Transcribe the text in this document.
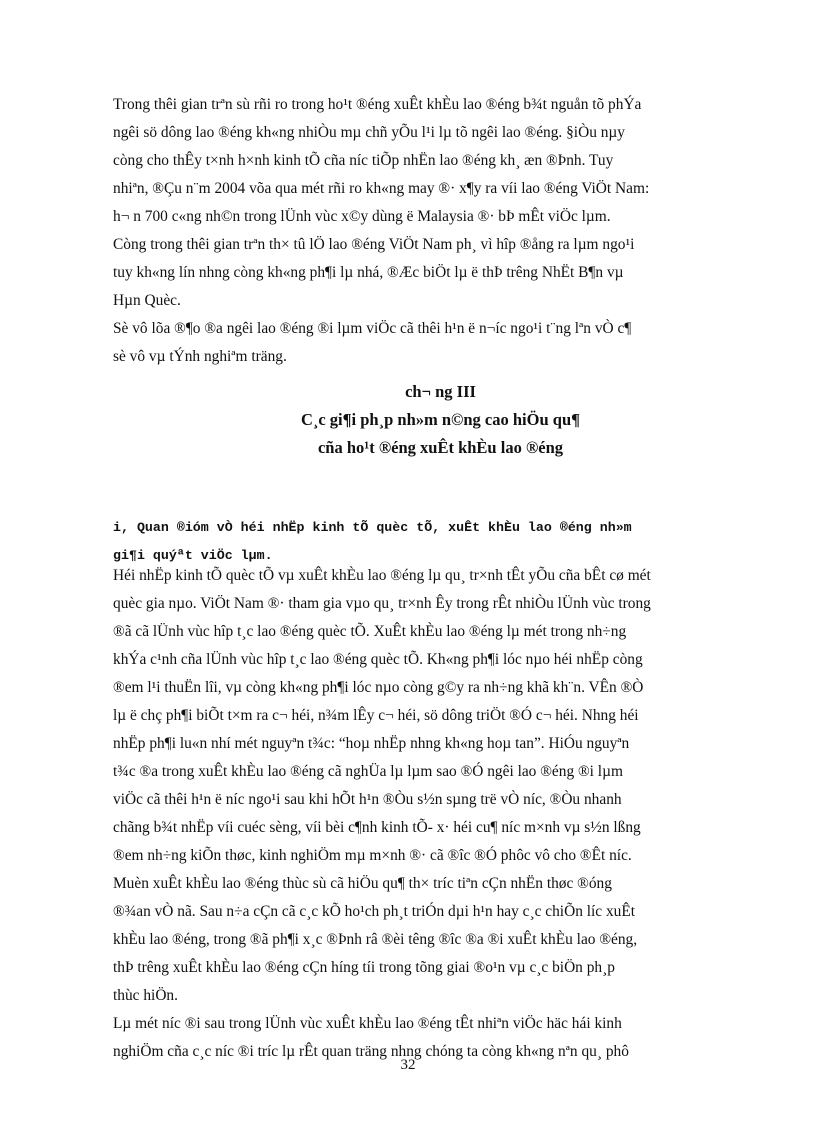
Trong thêi gian trªn sù rñi ro trong ho¹t ®éng xuÊt khÈu lao ®éng b¾t nguån tõ phÝa
ngêi sö dông lao ®éng kh«ng nhiÒu mµ chñ yÕu l¹i lµ tõ ngêi lao ®éng. §iÒu nµy
còng cho thÊy t×nh h×nh kinh tÕ cña níc tiÕp nhËn lao ®éng kh¸ æn ®Þnh. Tuy
nhiªn, ®Çu n¨m 2004 võa qua mét rñi ro kh«ng may ®· x¶y ra víi lao ®éng ViÖt Nam:
h¬ n 700 c«ng nh©n trong lÜnh vùc x©y dùng ë Malaysia ®· bÞ mÊt viÖc lµm.

Còng trong thêi gian trªn th× tû lÖ lao ®éng ViÖt Nam ph¸ vì hîp ®ång ra lµm ngo¹i
tuy kh«ng lín nhng còng kh«ng ph¶i lµ nhá, ®Æc biÖt lµ ë thÞ trêng NhËt B¶n vµ
Hµn Quèc.

Sè vô lõa ®¶o ®a ngêi lao ®éng ®i lµm viÖc cã thêi h¹n ë n¬íc ngo¹i t¨ng lªn vÒ c¶
sè vô vµ tÝnh nghiªm träng.

ch¬ ng III
C¸c gi¶i ph¸p nh»m n©ng cao hiÖu qu¶
cña ho¹t ®éng xuÊt khÈu lao ®éng
i, Quan ®ióm vÒ héi nhËp kinh tÕ quèc tÕ, xuÊt khÈu lao ®éng nh»m
gi¶i quýªt viÖc lµm.

Héi nhËp kinh tÕ quèc tÕ vµ xuÊt khÈu lao ®éng lµ qu¸ tr×nh tÊt yÕu cña bÊt cø mét
quèc gia nµo. ViÖt Nam ®· tham gia vµo qu¸ tr×nh Êy trong rÊt nhiÒu lÜnh vùc trong
®ã cã lÜnh vùc hîp t¸c lao ®éng quèc tÕ. XuÊt khÈu lao ®éng lµ mét trong nh÷ng
khÝa c¹nh cña lÜnh vùc hîp t¸c lao ®éng quèc tÕ. Kh«ng ph¶i lóc nµo héi nhËp còng
®em l¹i thuËn lîi, vµ còng kh«ng ph¶i lóc nµo còng g©y ra nh÷ng khã kh¨n. VÊn ®Ò
lµ ë chç ph¶i biÕt t×m ra c¬ héi, n¾m lÊy c¬ héi, sö dông triÖt ®Ó c¬ héi. Nhng héi
nhËp ph¶i lu«n nhí mét nguyªn t¾c: “hoµ nhËp nhng kh«ng hoµ tan”. HiÓu nguyªn
t¾c ®a trong xuÊt khÈu lao ®éng cã nghÜa lµ lµm sao ®Ó ngêi lao ®éng ®i lµm
viÖc cã thêi h¹n ë níc ngo¹i sau khi hÕt h¹n ®Òu s½n sµng trë vÒ níc, ®Òu nhanh
chãng b¾t nhËp víi cuéc sèng, víi bèi c¶nh kinh tÕ- x· héi cu¶ níc m×nh vµ s½n lßng
®em nh÷ng kiÕn thøc, kinh nghiÖm mµ m×nh ®· cã ®îc ®Ó phôc vô cho ®Êt níc.

Muèn xuÊt khÈu lao ®éng thùc sù cã hiÖu qu¶ th× tríc tiªn cÇn nhËn thøc ®óng
®¾an vÒ nã. Sau n÷a cÇn cã c¸c kÕ ho¹ch ph¸t triÓn dµi h¹n hay c¸c chiÕn líc xuÊt
khÈu lao ®éng, trong ®ã ph¶i x¸c ®Þnh râ ®èi têng ®îc ®a ®i xuÊt khÈu lao ®éng,
thÞ trêng xuÊt khÈu lao ®éng cÇn híng tíi trong tõng giai ®o¹n vµ c¸c biÖn ph¸p
thùc hiÖn.

Lµ mét níc ®i sau trong lÜnh vùc xuÊt khÈu lao ®éng tÊt nhiªn viÖc häc hái kinh
nghiÖm cña c¸c níc ®i tríc lµ rÊt quan träng nhng chóng ta còng kh«ng nªn qu¸ phô

32
